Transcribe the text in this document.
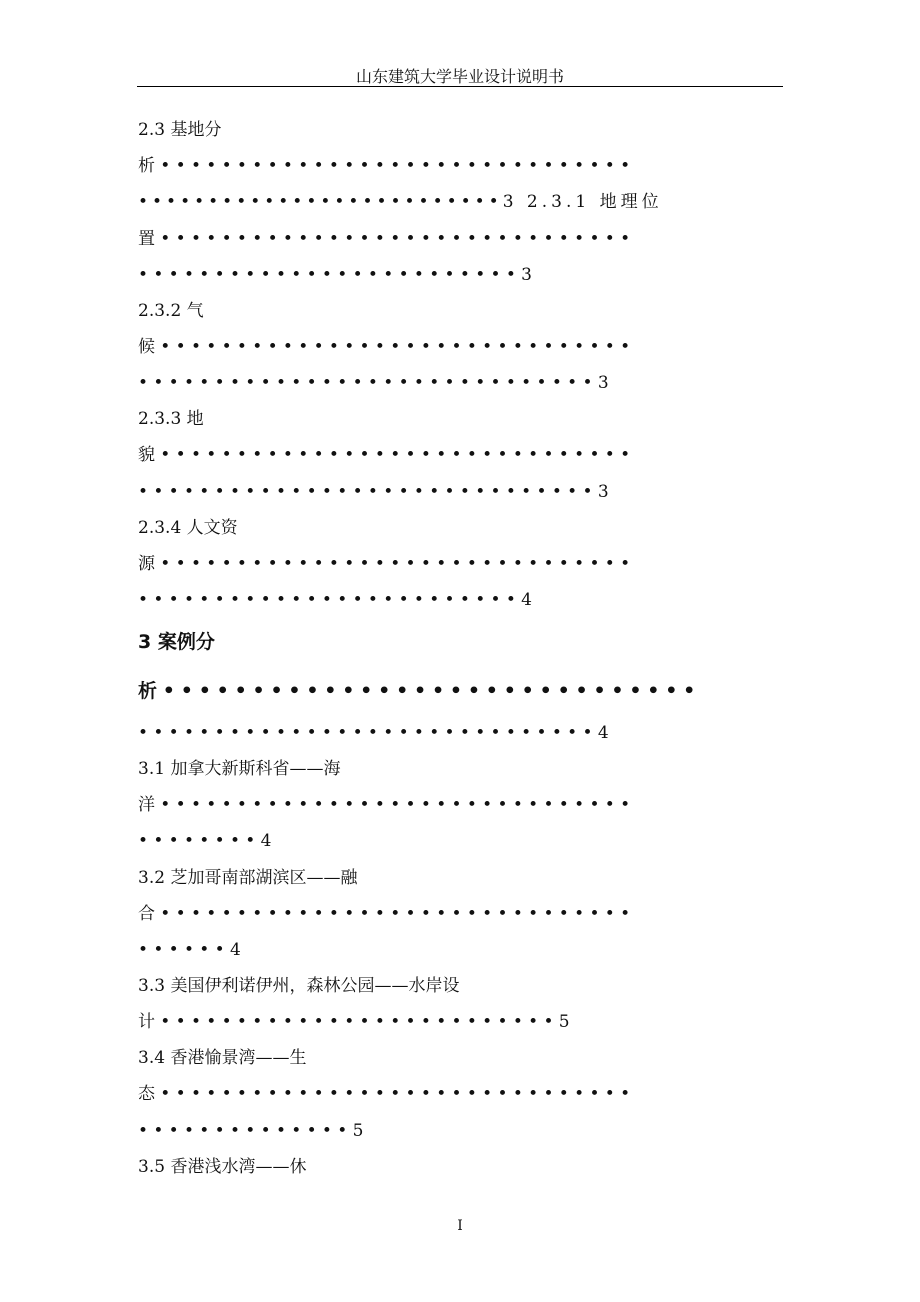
山东建筑大学毕业设计说明书
2.3 基地分
析•••••••••••••••••••••••••••••••
••••••••••••••••••••••••••3 2.3.1 地理位
置•••••••••••••••••••••••••••••••
•••••••••••••••••••••••••3
2.3.2 气
候•••••••••••••••••••••••••••••••
••••••••••••••••••••••••••••••3
2.3.3 地
貌•••••••••••••••••••••••••••••••
••••••••••••••••••••••••••••••3
2.3.4 人文资
源•••••••••••••••••••••••••••••••
•••••••••••••••••••••••••4
3 案例分
析••••••••••••••••••••••••••••••
••••••••••••••••••••••••••••••4
3.1 加拿大新斯科省——海
洋•••••••••••••••••••••••••••••••
••••••••4
3.2 芝加哥南部湖滨区——融
合•••••••••••••••••••••••••••••••
••••••4
3.3 美国伊利诺伊州，森林公园——水岸设
计••••••••••••••••••••••••••5
3.4 香港愉景湾——生
态•••••••••••••••••••••••••••••••
••••••••••••••5
3.5 香港浅水湾——休
I
